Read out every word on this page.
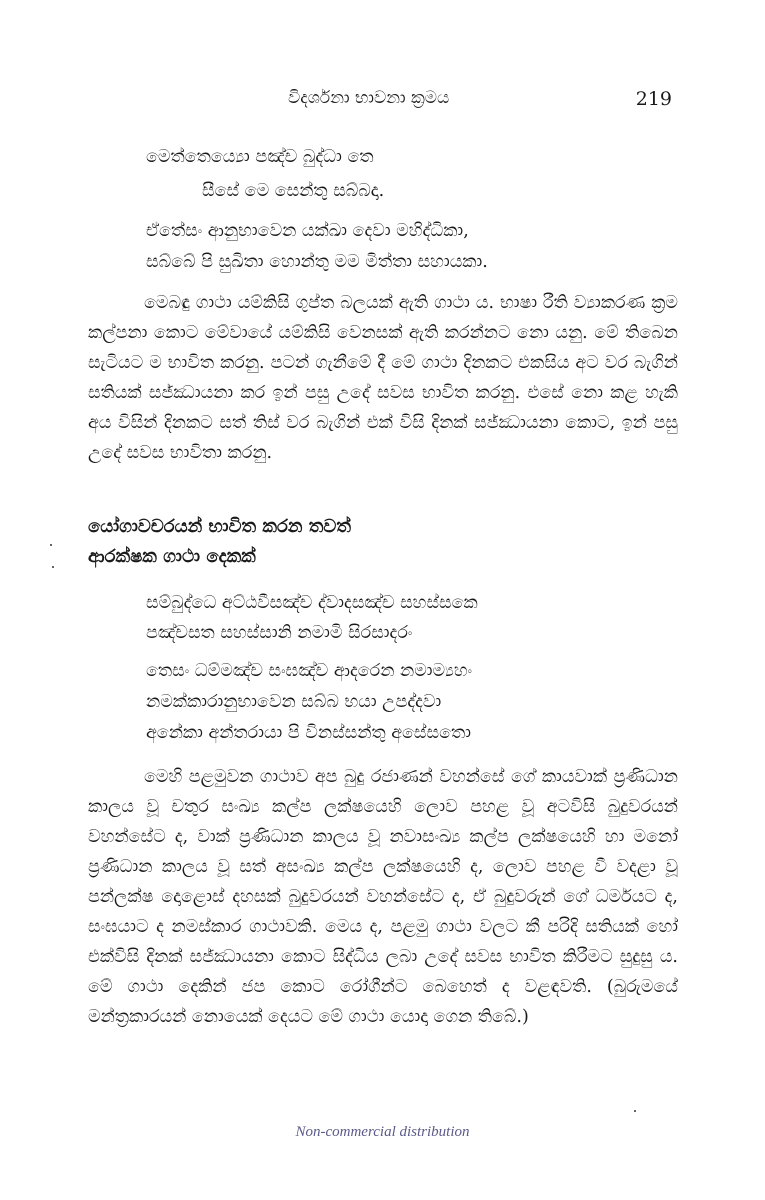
විදර්ශනා භාවනා ක්‍රමය	219
මෙත්තෙය්‍යො පඤ්ච බුද්ධා තෙ
සීසේ මෙ සෙන්තු සබ්බදා.
ඒතේසං ආනුභාවෙන යක්ඛා දෙවා මහිද්ධිකා,
සබ්බේ පි සුඛිතා හොන්තු මම මිත්තා සහායකා.
මෙබඳු ගාථා යම්කිසි ගුප්ත බලයක් ඇති ගාථා ය. භාෂා රීති ව්‍යාකරණ ක්‍රම කල්පනා කොට මේවායේ යම්කිසි වෙනසක් ඇති කරන්නට නො යනු. මේ තිබෙන සැටියට ම භාවිත කරනු. පටන් ගැනීමේ දී මේ ගාථා දිනකට එකසිය අට වර බැගින් සතියක් සජ්ඣායනා කර ඉන් පසු උදේ සවස භාවිත කරනු. එසේ නො කළ හැකි අය විසින් දිනකට සත් තිස් වර බැගින් එක් විසි දිනක් සජ්ඣායනා කොට, ඉන් පසු උදේ සවස භාවිතා කරනු.
යෝගාවචරයන් භාවිත කරන තවත්
ආරක්ෂක ගාථා දෙකක්
සම්බුද්ධෙ අට්ඨවීසඤ්ච ද්වාදසඤ්ච සහස්සකෙ
පඤ්චසත සහස්සානි නමාමි සිරසාදරං
තෙසං ධම්මඤ්ච සංඝඤ්ච ආදරෙන නමාම්‍යහං
නමක්කාරානුභාවෙන සබ්බ භයා උපද්දවා
අනේකා අන්තරායා පි විනස්සන්තු අසේසතො
මෙහි පළමුවන ගාථාව අප බුදු රජාණන් වහන්සේ ගේ කායවාක් ප්‍රණිධාන කාලය වූ චතුර සංඛ්‍ය කල්ප ලක්ෂයෙහි ලොව පහළ වූ අටවිසි බුදුවරයන් වහන්සේට ද, වාක් ප්‍රණිධාන කාලය වූ නවාසංඛ්‍ය කල්ප ලක්ෂයෙහි හා මනෝ ප්‍රණිධාන කාලය වූ සත් අසංඛ්‍ය කල්ප ලක්ෂයෙහි ද, ලොව පහළ වී වදළා වූ පන්ලක්ෂ දොළොස් දහසක් බුදුවරයන් වහන්සේට ද, ඒ බුදුවරුන් ගේ ධර්මයට ද, සංඝයාට ද නමස්කාර ගාථාවකි. මෙය ද, පළමු ගාථා වලට කී පරිදි සතියක් හෝ එක්විසි දිනක් සජ්ඣායනා කොට සිද්ධිය ලබා උදේ සවස භාවිත කිරීමට සුදුසු ය. මේ ගාථා දෙකින් ජප කොට රෝගීන්ට බෙහෙත් ද වළඳවති. (බුරුමයේ මන්ත්‍රකාරයන් නොයෙක් දෙයට මේ ගාථා යොදා ගෙන තිබේ.)
Non-commercial distribution
